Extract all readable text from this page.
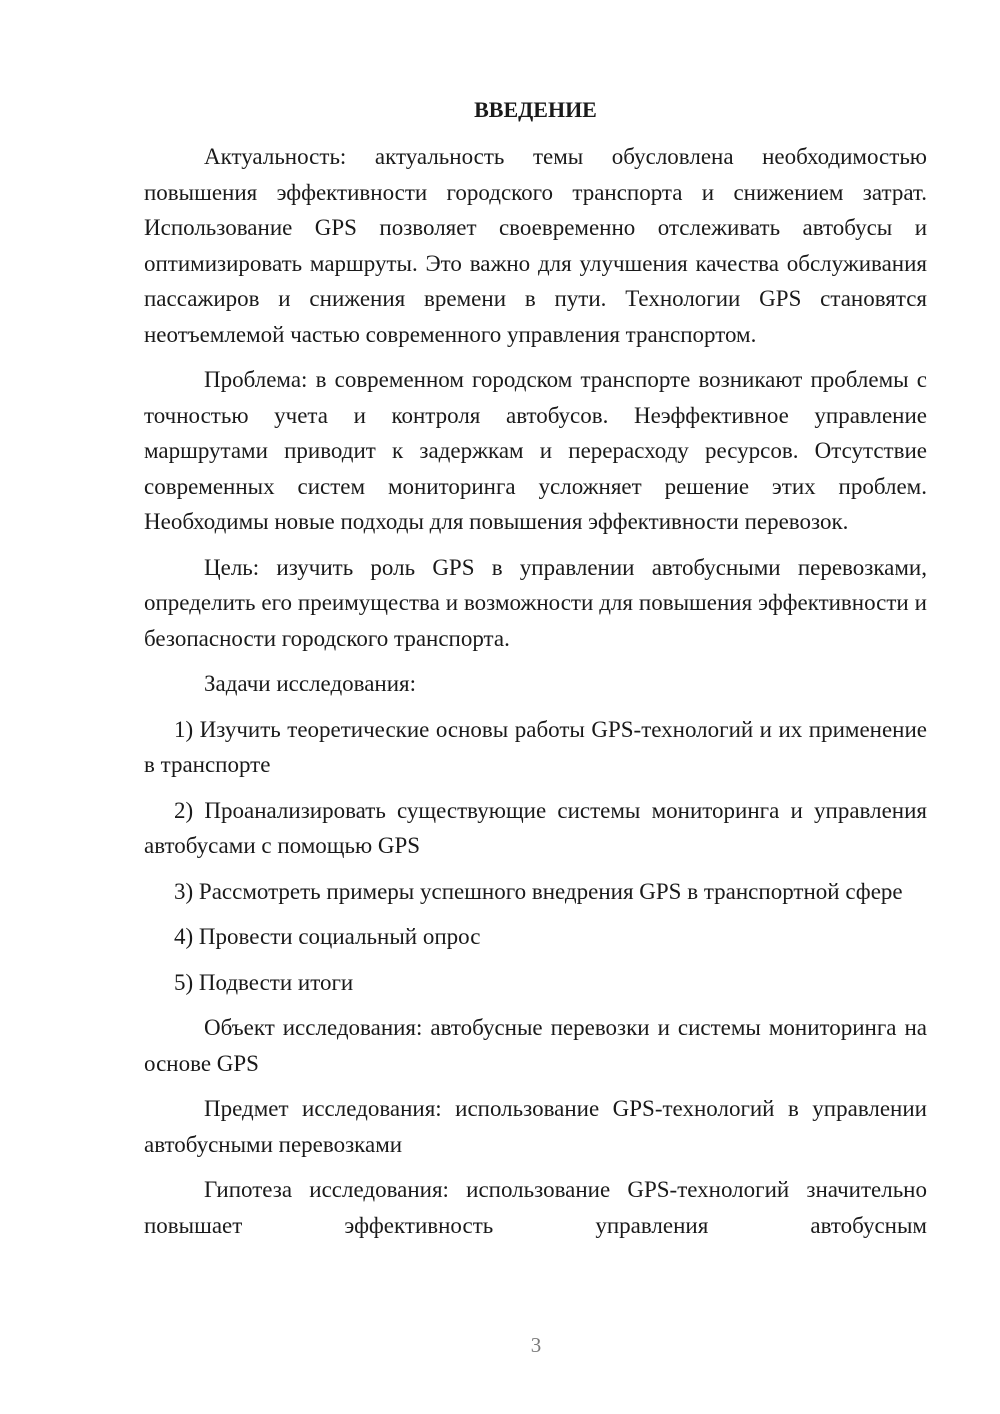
ВВЕДЕНИЕ
Актуальность: актуальность темы обусловлена необходимостью повышения эффективности городского транспорта и снижением затрат. Использование GPS позволяет своевременно отслеживать автобусы и оптимизировать маршруты. Это важно для улучшения качества обслуживания пассажиров и снижения времени в пути. Технологии GPS становятся неотъемлемой частью современного управления транспортом.
Проблема: в современном городском транспорте возникают проблемы с точностью учета и контроля автобусов. Неэффективное управление маршрутами приводит к задержкам и перерасходу ресурсов. Отсутствие современных систем мониторинга усложняет решение этих проблем. Необходимы новые подходы для повышения эффективности перевозок.
Цель: изучить роль GPS в управлении автобусными перевозками, определить его преимущества и возможности для повышения эффективности и безопасности городского транспорта.
Задачи исследования:
1) Изучить теоретические основы работы GPS-технологий и их применение в транспорте
2) Проанализировать существующие системы мониторинга и управления автобусами с помощью GPS
3) Рассмотреть примеры успешного внедрения GPS в транспортной сфере
4) Провести социальный опрос
5) Подвести итоги
Объект исследования: автобусные перевозки и системы мониторинга на основе GPS
Предмет исследования: использование GPS-технологий в управлении автобусными перевозками
Гипотеза исследования: использование GPS-технологий значительно повышает эффективность управления автобусным
3
